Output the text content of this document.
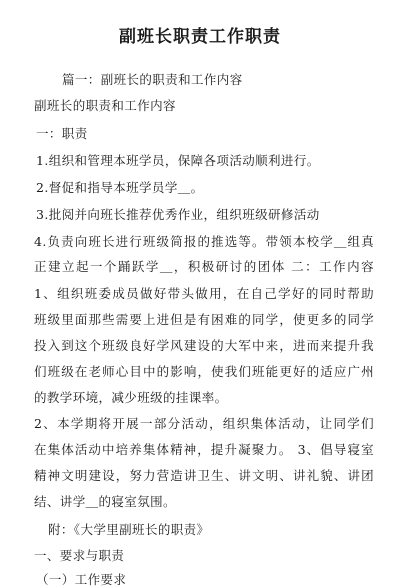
副班长职责工作职责
篇一：副班长的职责和工作内容
副班长的职责和工作内容
一：职责
1.组织和管理本班学员，保障各项活动顺利进行。
2.督促和指导本班学员学＿。
3.批阅并向班长推荐优秀作业，组织班级研修活动
4.负责向班长进行班级简报的推选等。带领本校学＿组真
正建立起一个踊跃学＿，积极研讨的团体 二：工作内容
1、组织班委成员做好带头做用，在自己学好的同时帮助
班级里面那些需要上进但是有困难的同学，使更多的同学
投入到这个班级良好学风建设的大军中来，进而来提升我
们班级在老师心目中的影响，使我们班能更好的适应广州
的教学环境，减少班级的挂课率。
2、本学期将开展一部分活动，组织集体活动，让同学们
在集体活动中培养集体精神，提升凝聚力。 3、倡导寝室
精神文明建设，努力营造讲卫生、讲文明、讲礼貌、讲团
结、讲学＿的寝室氛围。
附：《大学里副班长的职责》
一、要求与职责
（一）工作要求
